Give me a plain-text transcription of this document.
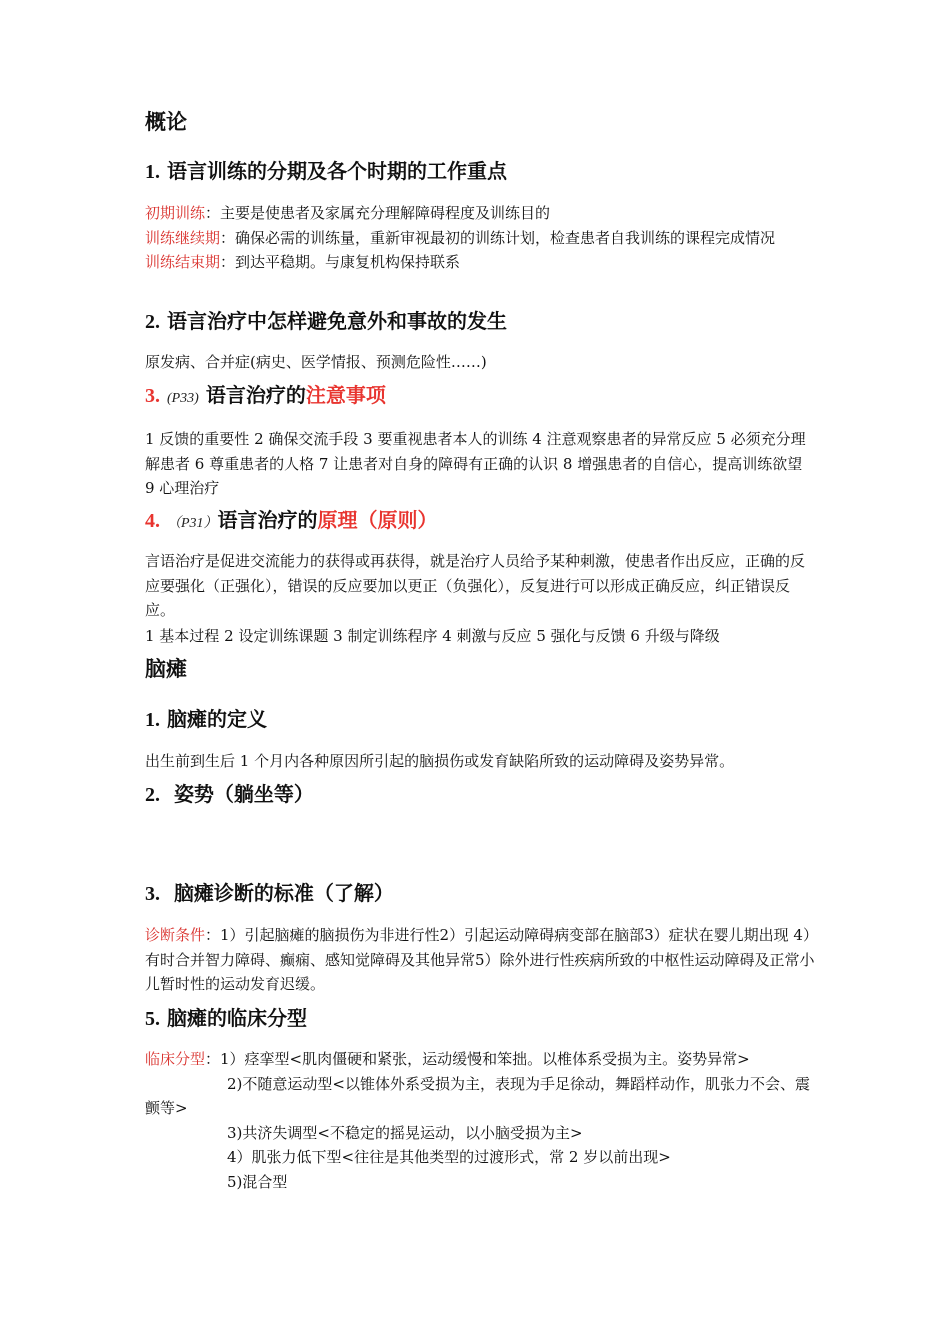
概论
1. 语言训练的分期及各个时期的工作重点
初期训练：主要是使患者及家属充分理解障碍程度及训练目的
训练继续期：确保必需的训练量，重新审视最初的训练计划，检查患者自我训练的课程完成情况
训练结束期：到达平稳期。与康复机构保持联系
2. 语言治疗中怎样避免意外和事故的发生
原发病、合并症(病史、医学情报、预测危险性……)
3. (P33) 语言治疗的注意事项
1 反馈的重要性 2 确保交流手段 3 要重视患者本人的训练 4 注意观察患者的异常反应 5 必须充分理解患者 6 尊重患者的人格 7 让患者对自身的障碍有正确的认识 8 增强患者的自信心，提高训练欲望 9 心理治疗
4. （P31）语言治疗的原理（原则）
言语治疗是促进交流能力的获得或再获得，就是治疗人员给予某种刺激，使患者作出反应，正确的反应要强化（正强化），错误的反应要加以更正（负强化），反复进行可以形成正确反应，纠正错误反应。
1 基本过程 2 设定训练课题 3 制定训练程序 4 刺激与反应 5 强化与反馈 6 升级与降级
脑瘫
1. 脑瘫的定义
出生前到生后 1 个月内各种原因所引起的脑损伤或发育缺陷所致的运动障碍及姿势异常。
2. 姿势（躺坐等）
3. 脑瘫诊断的标准（了解）
诊断条件：1）引起脑瘫的脑损伤为非进行性2）引起运动障碍病变部在脑部3）症状在婴儿期出现 4）有时合并智力障碍、癫痫、感知觉障碍及其他异常5）除外进行性疾病所致的中枢性运动障碍及正常小儿暂时性的运动发育迟缓。
5. 脑瘫的临床分型
临床分型：1）痉挛型<肌肉僵硬和紧张，运动缓慢和笨拙。以椎体系受损为主。姿势异常>
2)不随意运动型<以锥体外系受损为主，表现为手足徐动，舞蹈样动作，肌张力不会、震颤等>
3)共济失调型<不稳定的摇晃运动，以小脑受损为主>
4）肌张力低下型<往往是其他类型的过渡形式，常 2 岁以前出现>
5)混合型
